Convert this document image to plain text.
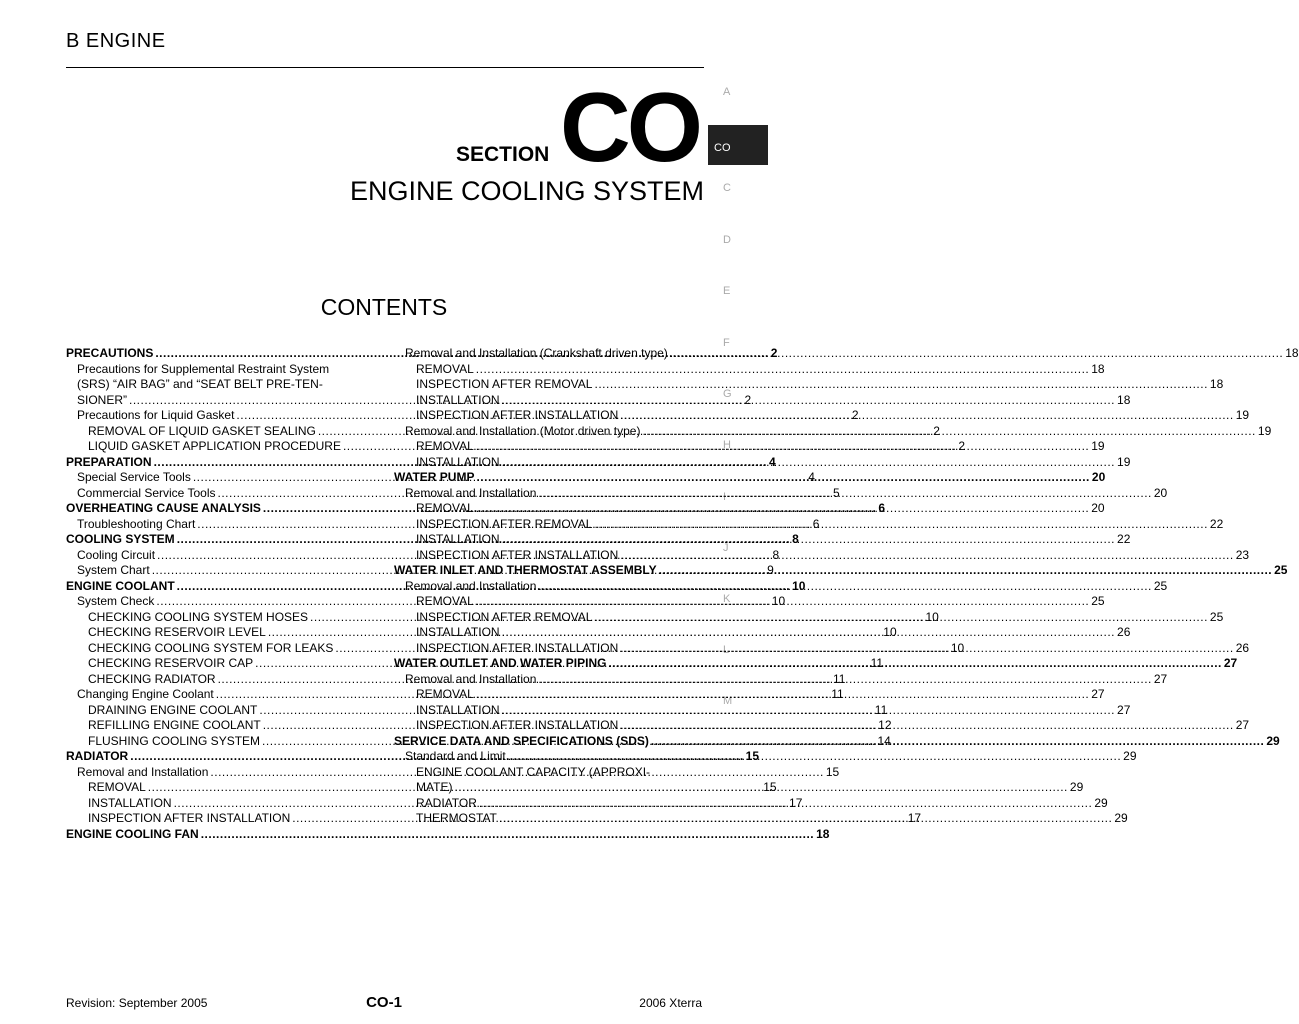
B ENGINE
SECTION CO
ENGINE COOLING SYSTEM
CONTENTS
A
CO
C
D
E
F
G
H
I
J
K
L
M
PRECAUTIONS .....	2
Precautions for Supplemental Restraint System
(SRS) “AIR BAG” and “SEAT BELT PRE-TEN-
SIONER” .....	2
Precautions for Liquid Gasket .....	2
REMOVAL OF LIQUID GASKET SEALING .....	2
LIQUID GASKET APPLICATION PROCEDURE .....	2
PREPARATION .....	4
Special Service Tools .....	4
Commercial Service Tools .....	5
OVERHEATING CAUSE ANALYSIS .....	6
Troubleshooting Chart .....	6
COOLING SYSTEM .....	8
Cooling Circuit .....	8
System Chart .....	9
ENGINE COOLANT .....	10
System Check .....	10
CHECKING COOLING SYSTEM HOSES .....	10
CHECKING RESERVOIR LEVEL .....	10
CHECKING COOLING SYSTEM FOR LEAKS .....	10
CHECKING RESERVOIR CAP .....	11
CHECKING RADIATOR .....	11
Changing Engine Coolant .....	11
DRAINING ENGINE COOLANT .....	11
REFILLING ENGINE COOLANT .....	12
FLUSHING COOLING SYSTEM .....	14
RADIATOR .....	15
Removal and Installation .....	15
REMOVAL .....	15
INSTALLATION .....	17
INSPECTION AFTER INSTALLATION .....	17
ENGINE COOLING FAN .....	18
Removal and Installation (Crankshaft driven type) .....	18
REMOVAL .....	18
INSPECTION AFTER REMOVAL .....	18
INSTALLATION .....	18
INSPECTION AFTER INSTALLATION .....	19
Removal and Installation (Motor driven type) .....	19
REMOVAL .....	19
INSTALLATION .....	19
WATER PUMP .....	20
Removal and Installation .....	20
REMOVAL .....	20
INSPECTION AFTER REMOVAL .....	22
INSTALLATION .....	22
INSPECTION AFTER INSTALLATION .....	23
WATER INLET AND THERMOSTAT ASSEMBLY .....	25
Removal and Installation .....	25
REMOVAL .....	25
INSPECTION AFTER REMOVAL .....	25
INSTALLATION .....	26
INSPECTION AFTER INSTALLATION .....	26
WATER OUTLET AND WATER PIPING .....	27
Removal and Installation .....	27
REMOVAL .....	27
INSTALLATION .....	27
INSPECTION AFTER INSTALLATION .....	27
SERVICE DATA AND SPECIFICATIONS (SDS) .....	29
Standard and Limit .....	29
ENGINE COOLANT CAPACITY (APPROXI-
MATE) .....	29
RADIATOR .....	29
THERMOSTAT .....	29
Revision: September 2005	CO-1	2006 Xterra
